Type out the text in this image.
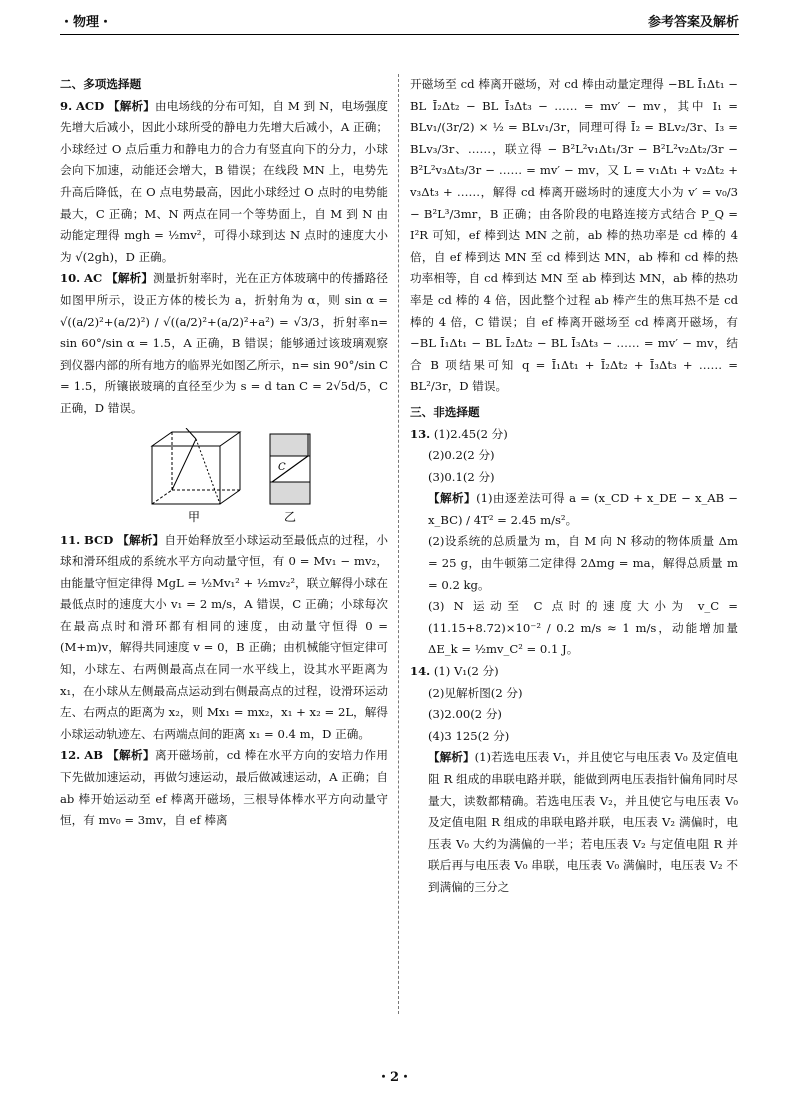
・物理・	参考答案及解析

二、多项选择题

9. ACD 【解析】由电场线的分布可知，自 M 到 N，电场强度先增大后减小，因此小球所受的静电力先增大后减小，A 正确；小球经过 O 点后重力和静电力的合力有竖直向下的分力，小球会向下加速，动能还会增大，B 错误；在线段 MN 上，电势先升高后降低，在 O 点电势最高，因此小球经过 O 点时的电势能最大，C 正确；M、N 两点在同一个等势面上，自 M 到 N 由动能定理得 mgh = ½mv²，可得小球到达 N 点时的速度大小为 √(2gh)，D 正确。

10. AC 【解析】测量折射率时，光在正方体玻璃中的传播路径如图甲所示，设正方体的棱长为 a，折射角为 α，则 sin α = √((a/2)²+(a/2)²) / √((a/2)²+(a/2)²+a²) = √3/3，折射率n= sin 60°/sin α = 1.5，A 正确，B 错误；能够通过该玻璃观察到仪器内部的所有地方的临界光如图乙所示，n= sin 90°/sin C = 1.5，所镶嵌玻璃的直径至少为 s = d tan C = 2√5d/5，C 正确，D 错误。

甲
C
乙

11. BCD 【解析】自开始释放至小球运动至最低点的过程，小球和滑环组成的系统水平方向动量守恒，有 0 = Mv₁ − mv₂，由能量守恒定律得 MgL = ½Mv₁² + ½mv₂²，联立解得小球在最低点时的速度大小 v₁ = 2 m/s，A 错误，C 正确；小球每次在最高点时和滑环都有相同的速度，由动量守恒得 0 = (M+m)v，解得共同速度 v = 0，B 正确；由机械能守恒定律可知，小球左、右两侧最高点在同一水平线上，设其水平距离为 x₁，在小球从左侧最高点运动到右侧最高点的过程，设滑环运动左、右两点的距离为 x₂，则 Mx₁ = mx₂，x₁ + x₂ = 2L，解得小球运动轨迹左、右两端点间的距离 x₁ = 0.4 m，D 正确。

12. AB 【解析】离开磁场前，cd 棒在水平方向的安培力作用下先做加速运动，再做匀速运动，最后做减速运动，A 正确；自 ab 棒开始运动至 ef 棒离开磁场，三根导体棒水平方向动量守恒，有 mv₀ = 3mv，自 ef 棒离

开磁场至 cd 棒离开磁场，对 cd 棒由动量定理得 −BL Ī₁Δt₁ − BL Ī₂Δt₂ − BL Ī₃Δt₃ − …… = mv′ − mv，其中 I₁ = BLv₁/(3r/2) × ½ = BLv₁/3r，同理可得 Ī₂ = BLv₂/3r、I₃ = BLv₃/3r、……，联立得 − B²L²v₁Δt₁/3r − B²L²v₂Δt₂/3r − B²L²v₃Δt₃/3r − …… = mv′ − mv，又 L = v₁Δt₁ + v₂Δt₂ + v₃Δt₃ + ……，解得 cd 棒离开磁场时的速度大小为 v′ = v₀/3 − B²L³/3mr，B 正确；由各阶段的电路连接方式结合 P_Q = I²R 可知，ef 棒到达 MN 之前，ab 棒的热功率是 cd 棒的 4 倍，自 ef 棒到达 MN 至 cd 棒到达 MN，ab 棒和 cd 棒的热功率相等，自 cd 棒到达 MN 至 ab 棒到达 MN，ab 棒的热功率是 cd 棒的 4 倍，因此整个过程 ab 棒产生的焦耳热不是 cd 棒的 4 倍，C 错误；自 ef 棒离开磁场至 cd 棒离开磁场，有 −BL Ī₁Δt₁ − BL Ī₂Δt₂ − BL Ī₃Δt₃ − …… = mv′ − mv，结合 B 项结果可知 q = Ī₁Δt₁ + Ī₂Δt₂ + Ī₃Δt₃ + …… = BL²/3r，D 错误。

三、非选择题

13. (1)2.45(2 分)

(2)0.2(2 分)

(3)0.1(2 分)

【解析】(1)由逐差法可得 a = (x_CD + x_DE − x_AB − x_BC) / 4T² = 2.45 m/s²。

(2)设系统的总质量为 m，自 M 向 N 移动的物体质量 Δm = 25 g，由牛顿第二定律得 2Δmg = ma，解得总质量 m = 0.2 kg。

(3) N 运动至 C 点时的速度大小为 v_C = (11.15+8.72)×10⁻² / 0.2 m/s ≈ 1 m/s，动能增加量 ΔE_k = ½mv_C² = 0.1 J。

14. (1) V₁(2 分)

(2)见解析图(2 分)

(3)2.00(2 分)

(4)3 125(2 分)

【解析】(1)若选电压表 V₁，并且使它与电压表 V₀ 及定值电阻 R 组成的串联电路并联，能做到两电压表指针偏角同时尽量大，读数都精确。若选电压表 V₂，并且使它与电压表 V₀ 及定值电阻 R 组成的串联电路并联，电压表 V₂ 满偏时，电压表 V₀ 大约为满偏的一半；若电压表 V₂ 与定值电阻 R 并联后再与电压表 V₀ 串联，电压表 V₀ 满偏时，电压表 V₂ 不到满偏的三分之

・2・
